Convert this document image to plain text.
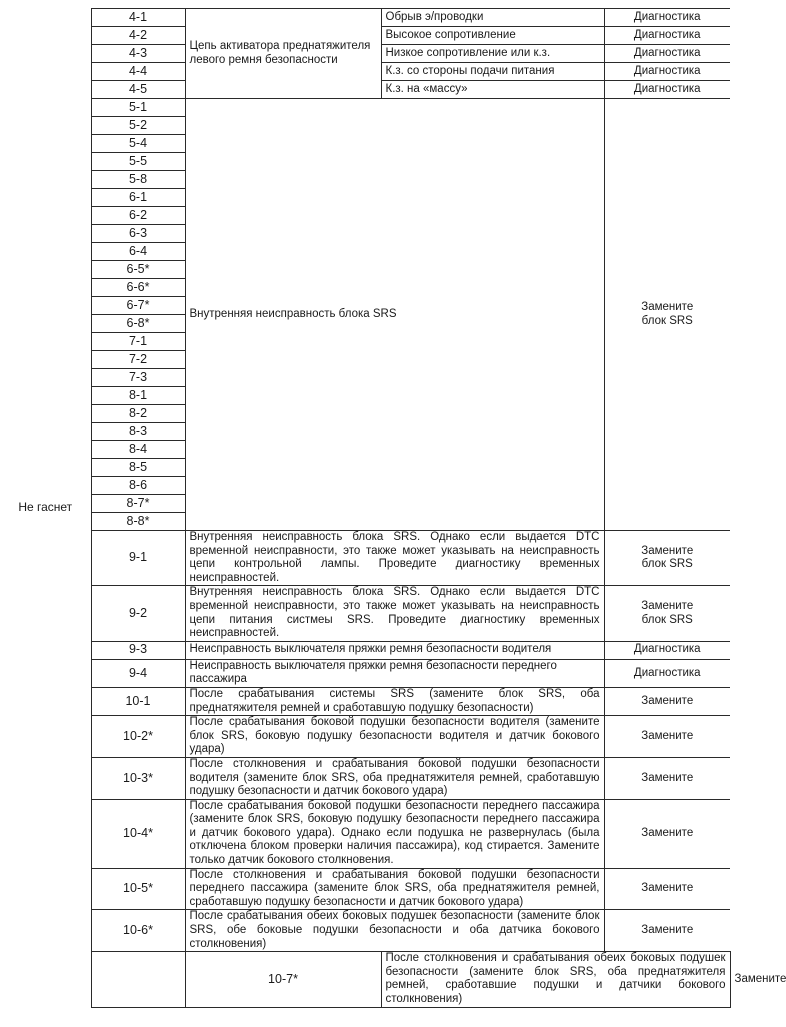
Не гаснет	4-1	Цепь активатора преднатяжителя левого ремня безопасности	Обрыв э/проводки	Диагностика	
	4-2		Высокое сопротивление	Диагностика	
	4-3		Низкое сопротивление или к.з.	Диагностика	
	4-4		К.з. со стороны подачи питания	Диагностика	
	4-5		К.з. на «массу»	Диагностика	
	5-1	Внутренняя неисправность блока SRS		Замените блок SRS	
	5-2				
	5-4				
	5-5				
	5-8				
	6-1				
	6-2				
	6-3				
	6-4				
	6-5*				
	6-6*				
	6-7*				
	6-8*				
	7-1				
	7-2				
	7-3				
	8-1				
	8-2				
	8-3				
	8-4				
	8-5				
	8-6				
	8-7*				
	8-8*				
	9-1	Внутренняя неисправность блока SRS. Однако если выдается DTC временной неисправности, это также может указывать на неисправность цепи контрольной лампы. Проведите диагностику временных неисправностей.		Замените блок SRS	
	9-2	Внутренняя неисправность блока SRS. Однако если выдается DTC временной неисправности, это также может указывать на неисправность цепи питания систмеы SRS. Проведите диагностику временных неисправностей.		Замените блок SRS	
	9-3	Неисправность выключателя пряжки ремня безопасности водителя		Диагностика	
	9-4	Неисправность выключателя пряжки ремня безопасности переднего пассажира		Диагностика	
	10-1	После срабатывания системы SRS (замените блок SRS, оба преднатяжителя ремней и сработавшую подушку безопасности)		Замените	
	10-2*	После срабатывания боковой подушки безопасности водителя (замените блок SRS, боковую подушку безопасности водителя и датчик бокового удара)		Замените	
	10-3*	После столкновения и срабатывания боковой подушки безопасности водителя (замените блок SRS, оба преднатяжителя ремней, сработавшую подушку безопасности и датчик бокового удара)		Замените	
	10-4*	После срабатывания боковой подушки безопасности переднего пассажира (замените блок SRS, боковую подушку безопасности переднего пассажира и датчик бокового удара). Однако если подушка не развернулась (была отключена блоком проверки наличия пассажира), код стирается. Замените только датчик бокового столкновения.		Замените	
	10-5*	После столкновения и срабатывания боковой подушки безопасности переднего пассажира (замените блок SRS, оба преднатяжителя ремней, сработавшую подушку безопасности и датчик бокового удара)		Замените	
	10-6*	После срабатывания обеих боковых подушек безопасности (замените блок SRS, обе боковые подушки безопасности и оба датчика бокового столкновения)		Замените	
		10-7*	После столкновения и срабатывания обеих боковых подушек безопасности (замените блок SRS, оба преднатяжителя ремней, сработавшие подушки и датчики бокового столкновения)		Замените
